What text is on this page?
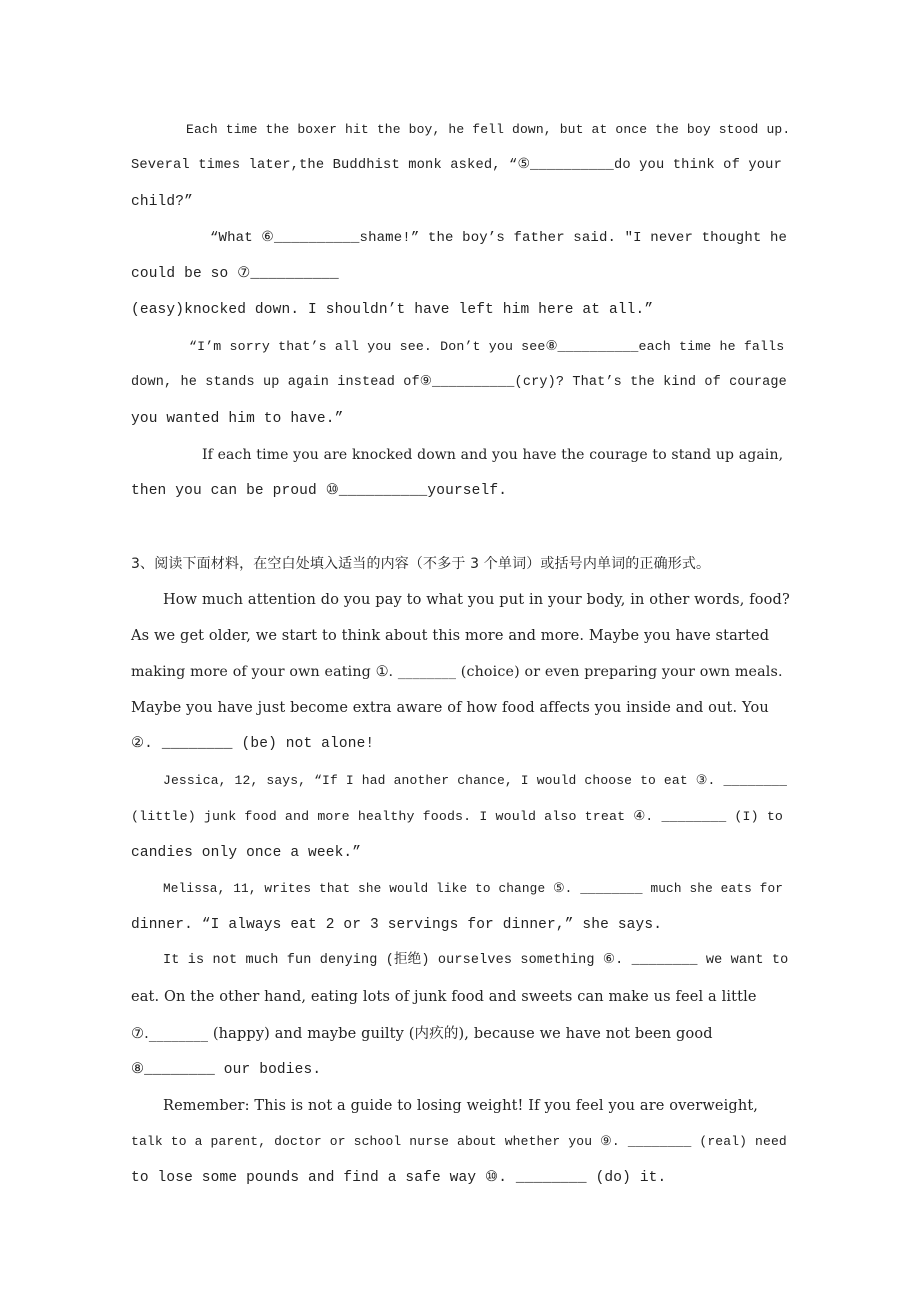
Each time the boxer hit the boy, he fell down, but at once the boy stood up.
Several times later,the Buddhist monk asked, “⑤__________do you think of your
child?”
“What ⑥__________shame!” the boy’s father said. ″I never thought he
could be so ⑦__________
(easy)knocked down. I shouldn’t have left him here at all.”
“I’m sorry that’s all you see. Don’t you see⑧__________each time he falls
down, he stands up again instead of⑨__________(cry)? That’s the kind of courage
you wanted him to have.”
If each time you are knocked down and you have the courage to stand up again,
then you can be proud ⑩__________yourself.
3、阅读下面材料，在空白处填入适当的内容（不多于 3 个单词）或括号内单词的正确形式。
How much attention do you pay to what you put in your body, in other words, food?
As we get older, we start to think about this more and more. Maybe you have started
making more of your own eating ①. ________ (choice) or even preparing your own meals.
Maybe you have just become extra aware of how food affects you inside and out. You
②. ________ (be) not alone!
Jessica, 12, says, “If I had another chance, I would choose to eat ③. ________
(little) junk food and more healthy foods. I would also treat ④. ________ (I) to
candies only once a week.”
Melissa, 11, writes that she would like to change ⑤. ________ much she eats for
dinner. “I always eat 2 or 3 servings for dinner,” she says.
It is not much fun denying (拒绝) ourselves something ⑥. ________ we want to
eat. On the other hand, eating lots of junk food and sweets can make us feel a little
⑦.________ (happy) and maybe guilty (内疚的), because we have not been good
⑧________ our bodies.
Remember: This is not a guide to losing weight! If you feel you are overweight,
talk to a parent, doctor or school nurse about whether you ⑨. ________ (real) need
to lose some pounds and find a safe way ⑩. ________ (do) it.
